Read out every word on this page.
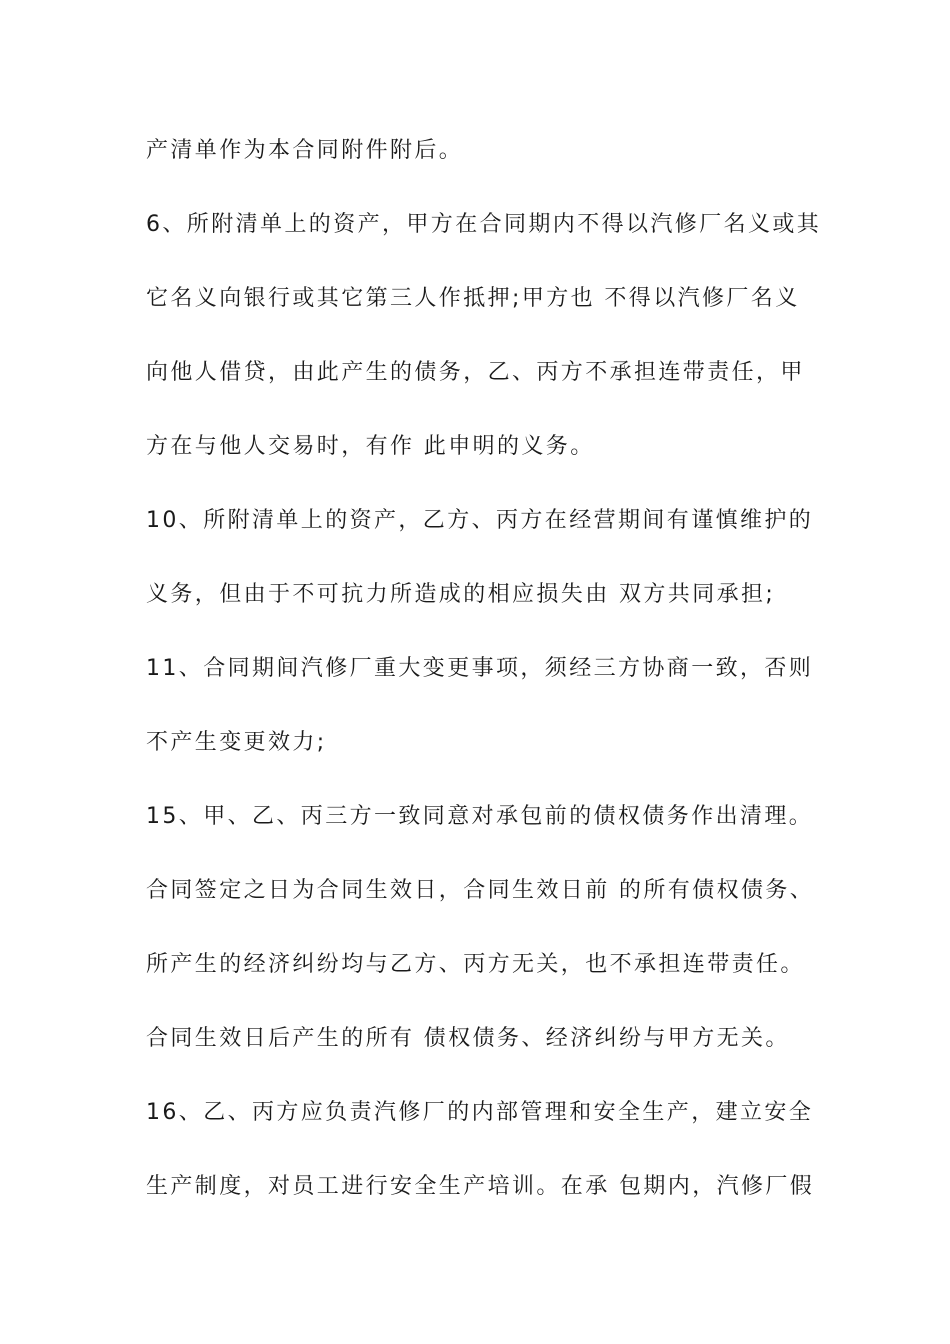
产清单作为本合同附件附后。
6、所附清单上的资产，甲方在合同期内不得以汽修厂名义或其
它名义向银行或其它第三人作抵押;甲方也 不得以汽修厂名义
向他人借贷，由此产生的债务，乙、丙方不承担连带责任，甲
方在与他人交易时，有作 此申明的义务。
10、所附清单上的资产，乙方、丙方在经营期间有谨慎维护的
义务，但由于不可抗力所造成的相应损失由 双方共同承担;
11、合同期间汽修厂重大变更事项，须经三方协商一致，否则
不产生变更效力;
15、甲、乙、丙三方一致同意对承包前的债权债务作出清理。
合同签定之日为合同生效日，合同生效日前 的所有债权债务、
所产生的经济纠纷均与乙方、丙方无关，也不承担连带责任。
合同生效日后产生的所有 债权债务、经济纠纷与甲方无关。
16、乙、丙方应负责汽修厂的内部管理和安全生产，建立安全
生产制度，对员工进行安全生产培训。在承 包期内，汽修厂假
